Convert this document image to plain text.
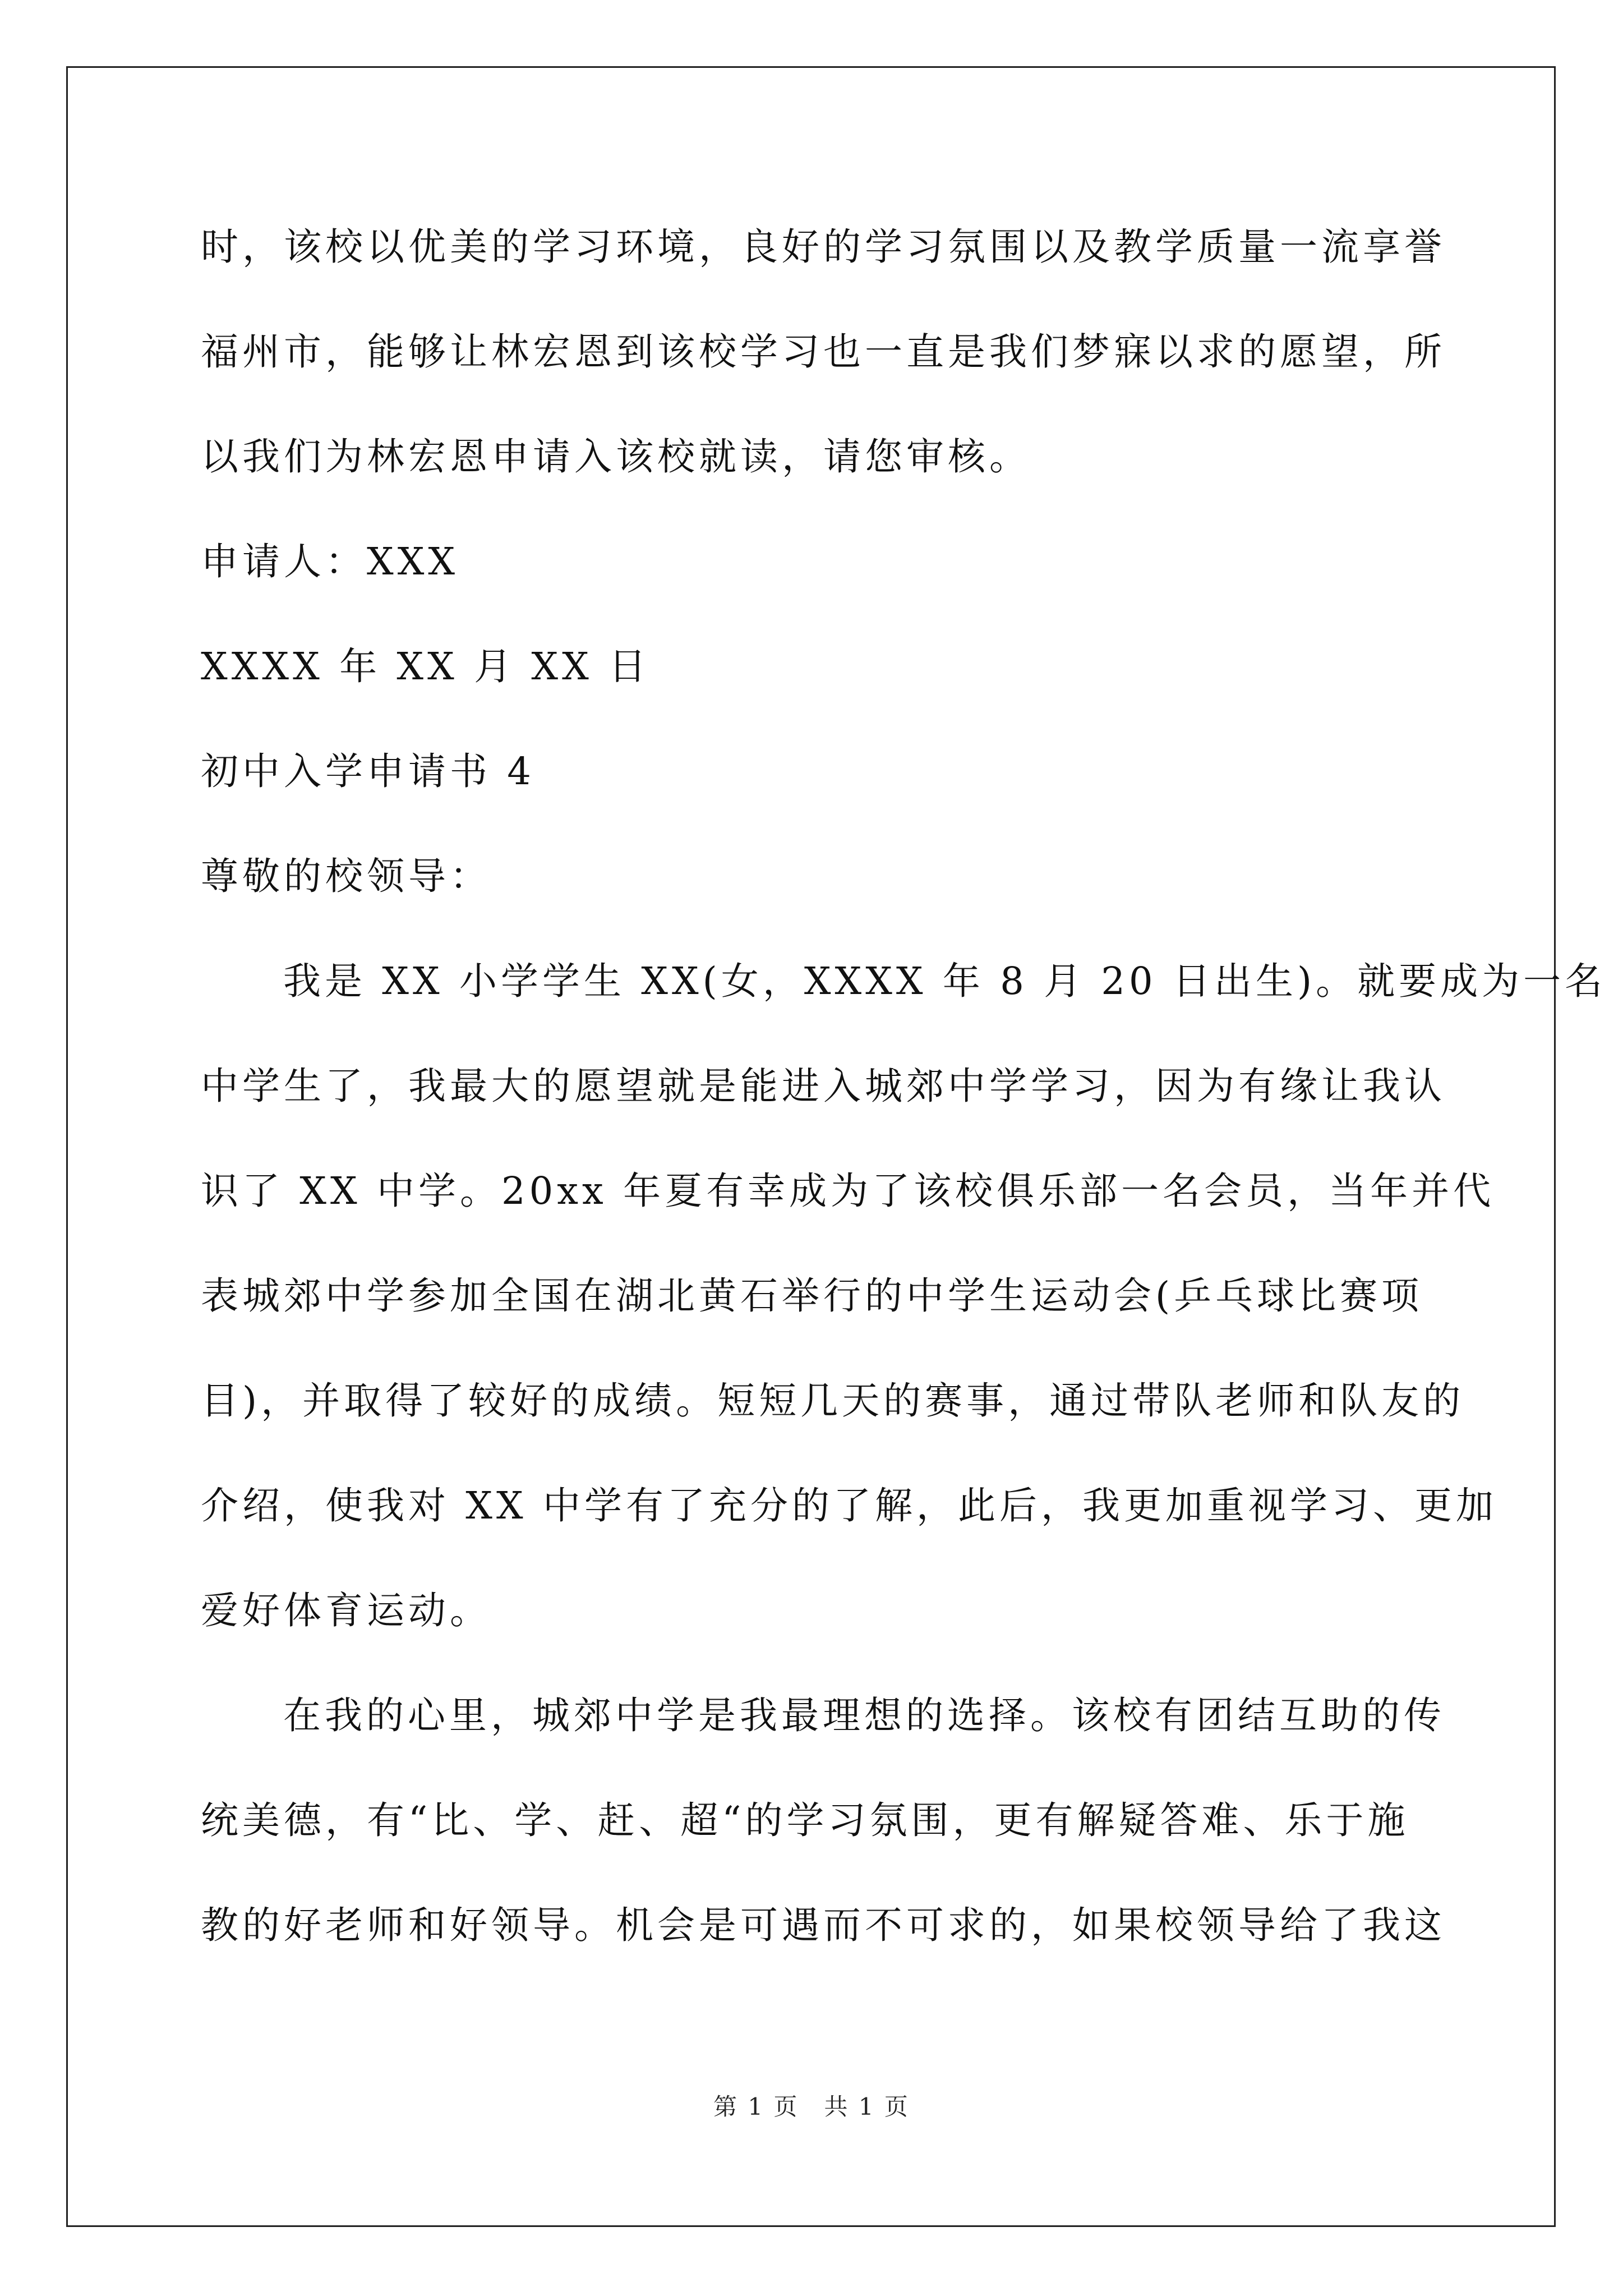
时，该校以优美的学习环境，良好的学习氛围以及教学质量一流享誉
福州市，能够让林宏恩到该校学习也一直是我们梦寐以求的愿望，所
以我们为林宏恩申请入该校就读，请您审核。
申请人：XXX
XXXX 年 XX 月 XX 日
初中入学申请书 4
尊敬的校领导：
我是 XX 小学学生 XX(女，XXXX 年 8 月 20 日出生)。就要成为一名
中学生了，我最大的愿望就是能进入城郊中学学习，因为有缘让我认
识了 XX 中学。20xx 年夏有幸成为了该校俱乐部一名会员，当年并代
表城郊中学参加全国在湖北黄石举行的中学生运动会(乒乓球比赛项
目)，并取得了较好的成绩。短短几天的赛事，通过带队老师和队友的
介绍，使我对 XX 中学有了充分的了解，此后，我更加重视学习、更加
爱好体育运动。
在我的心里，城郊中学是我最理想的选择。该校有团结互助的传
统美德，有“比、学、赶、超“的学习氛围，更有解疑答难、乐于施
教的好老师和好领导。机会是可遇而不可求的，如果校领导给了我这
第 1 页　共 1 页
